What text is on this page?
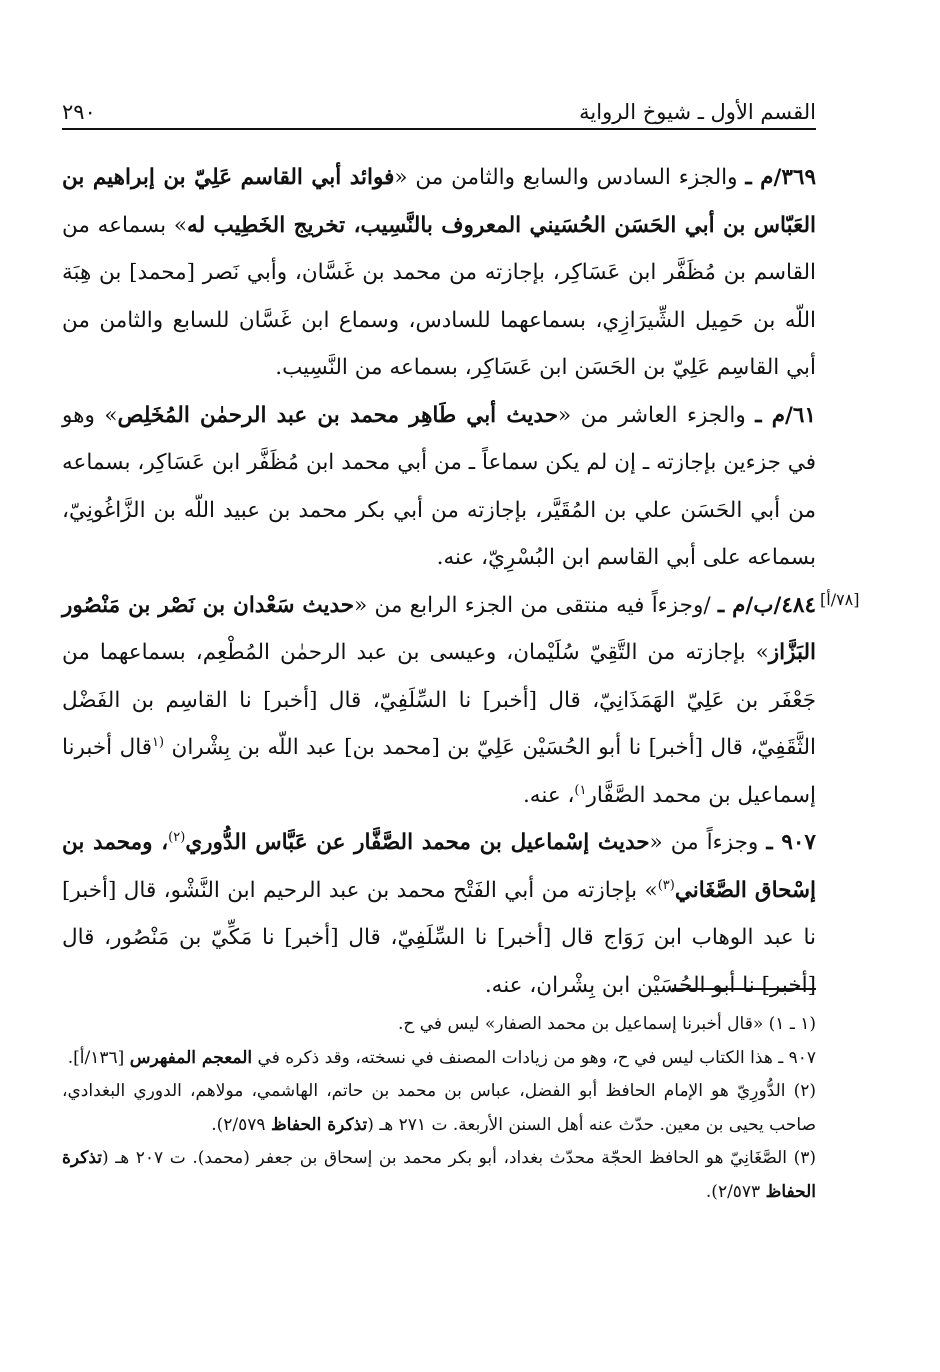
القسم الأول ـ شيوخ الرواية
٢٩٠
[٧٨/أ]

٣٦٩/م ـ والجزء السادس والسابع والثامن من «فوائد أبي القاسم عَلِيّ بن إبراهيم بن العَبّاس بن أبي الحَسَن الحُسَيني المعروف بالنَّسِيب، تخريج الخَطِيب له» بسماعه من القاسم بن مُظَفَّر ابن عَسَاكِر، بإجازته من محمد بن غَسَّان، وأبي نَصر [محمد] بن هِبَة اللّه بن حَمِيل الشِّيرَازِي، بسماعهما للسادس، وسماع ابن غَسَّان للسابع والثامن من أبي القاسِم عَلِيّ بن الحَسَن ابن عَسَاكِر، بسماعه من النَّسِيب.

٦١/م ـ والجزء العاشر من «حديث أبي طَاهِر محمد بن عبد الرحمٰن المُخَلِص» وهو في جزءين بإجازته ـ إن لم يكن سماعاً ـ من أبي محمد ابن مُظَفَّر ابن عَسَاكِر، بسماعه من أبي الحَسَن علي بن المُقَيَّر، بإجازته من أبي بكر محمد بن عبيد اللّه بن الزَّاغُونِيّ، بسماعه على أبي القاسم ابن البُسْرِيّ، عنه.

٤٨٤/ب/م ـ /وجزءاً فيه منتقى من الجزء الرابع من «حديث سَعْدان بن نَصْر بن مَنْصُور البَزَّاز» بإجازته من التَّقِيّ سُلَيْمان، وعيسى بن عبد الرحمٰن المُطْعِم، بسماعهما من جَعْفَر بن عَلِيّ الهَمَذَانِيّ، قال [أخبر] نا السِّلَفِيّ، قال [أخبر] نا القاسِم بن الفَضْل الثَّقَفِيّ، قال [أخبر] نا أبو الحُسَيْن عَلِيّ بن [محمد بن] عبد اللّه بن بِشْران $^{(١}$قال أخبرنا إسماعيل بن محمد الصَّفَّار$^{١)}$، عنه.

٩٠٧ ـ وجزءاً من «حديث إسْماعيل بن محمد الصَّفَّار عن عَبَّاس الدُّوري$^{(٢)}$، ومحمد بن إسْحاق الصَّغَاني$^{(٣)}$» بإجازته من أبي الفَتْح محمد بن عبد الرحيم ابن النَّشْو، قال [أخبر] نا عبد الوهاب ابن رَوَاج قال [أخبر] نا السِّلَفِيّ، قال [أخبر] نا مَكِّيّ بن مَنْصُور، قال [أخبر] نا أبو الحُسَيْن ابن بِشْران، عنه.

(١ ـ ١) «قال أخبرنا إسماعيل بن محمد الصفار» ليس في ح.

٩٠٧ ـ هذا الكتاب ليس في ح، وهو من زيادات المصنف في نسخته، وقد ذكره في المعجم المفهرس [١٣٦/أ].

(٢) الدُّورِيّ هو الإمام الحافظ أبو الفضل، عباس بن محمد بن حاتم، الهاشمي، مولاهم، الدوري البغدادي، صاحب يحيى بن معين. حدّث عنه أهل السنن الأربعة. ت ٢٧١ هـ (تذكرة الحفاظ ٢/٥٧٩).

(٣) الصَّغَانِيّ هو الحافظ الحجّة محدّث بغداد، أبو بكر محمد بن إسحاق بن جعفر (محمد). ت ٢٠٧ هـ (تذكرة الحفاظ ٢/٥٧٣).
